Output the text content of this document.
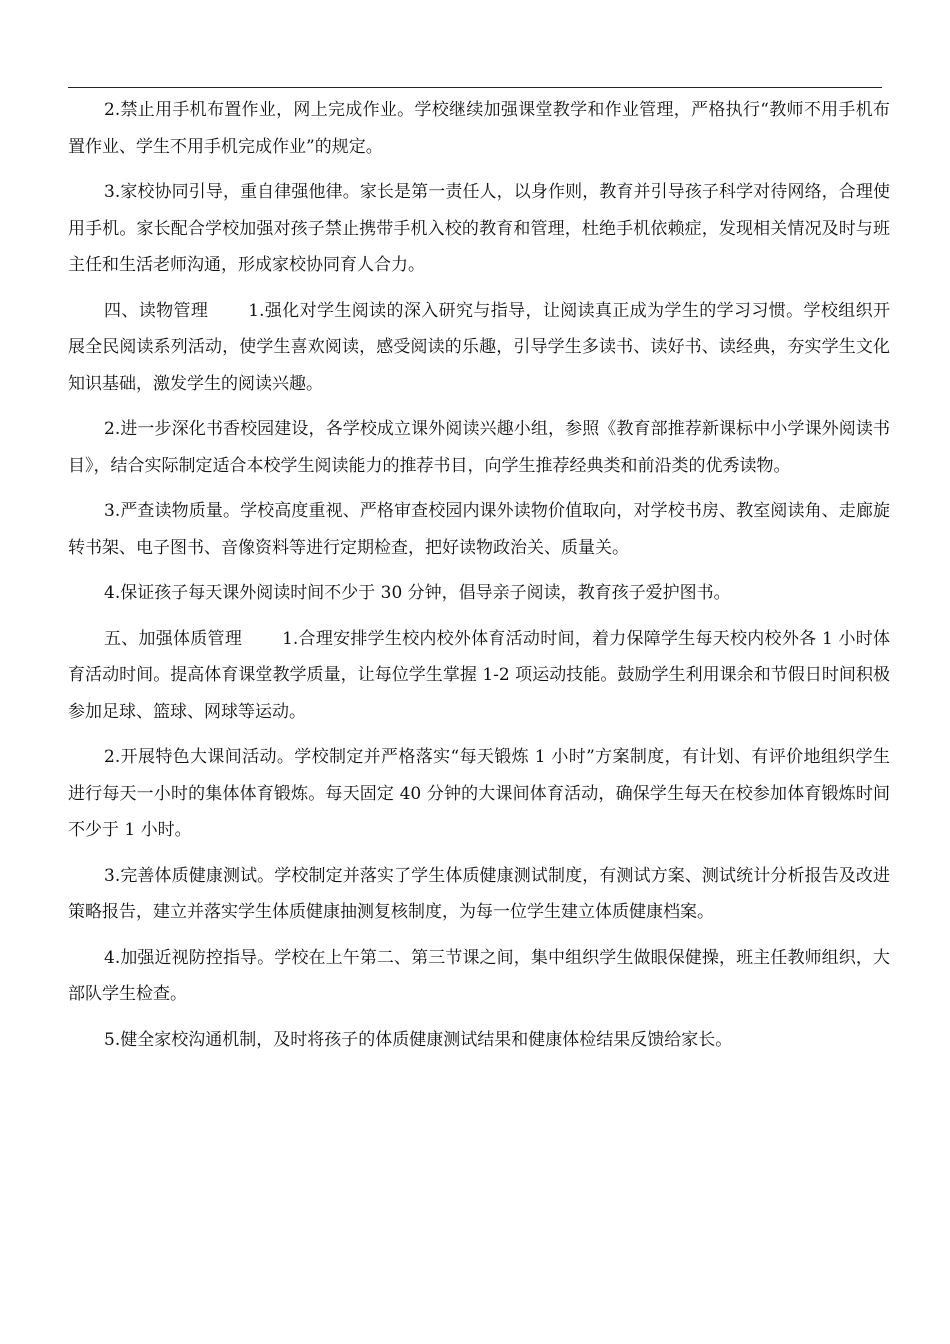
2.禁止用手机布置作业，网上完成作业。学校继续加强课堂教学和作业管理，严格执行“教师不用手机布置作业、学生不用手机完成作业”的规定。

3.家校协同引导，重自律强他律。家长是第一责任人，以身作则，教育并引导孩子科学对待网络，合理使用手机。家长配合学校加强对孩子禁止携带手机入校的教育和管理，杜绝手机依赖症，发现相关情况及时与班主任和生活老师沟通，形成家校协同育人合力。

四、读物管理 1.强化对学生阅读的深入研究与指导，让阅读真正成为学生的学习习惯。学校组织开展全民阅读系列活动，使学生喜欢阅读，感受阅读的乐趣，引导学生多读书、读好书、读经典，夯实学生文化知识基础，激发学生的阅读兴趣。

2.进一步深化书香校园建设，各学校成立课外阅读兴趣小组，参照《教育部推荐新课标中小学课外阅读书目》，结合实际制定适合本校学生阅读能力的推荐书目，向学生推荐经典类和前沿类的优秀读物。

3.严查读物质量。学校高度重视、严格审查校园内课外读物价值取向，对学校书房、教室阅读角、走廊旋转书架、电子图书、音像资料等进行定期检查，把好读物政治关、质量关。

4.保证孩子每天课外阅读时间不少于 30 分钟，倡导亲子阅读，教育孩子爱护图书。

五、加强体质管理 1.合理安排学生校内校外体育活动时间，着力保障学生每天校内校外各 1 小时体育活动时间。提高体育课堂教学质量，让每位学生掌握 1-2 项运动技能。鼓励学生利用课余和节假日时间积极参加足球、篮球、网球等运动。

2.开展特色大课间活动。学校制定并严格落实“每天锻炼 1 小时”方案制度，有计划、有评价地组织学生进行每天一小时的集体体育锻炼。每天固定 40 分钟的大课间体育活动，确保学生每天在校参加体育锻炼时间不少于 1 小时。

3.完善体质健康测试。学校制定并落实了学生体质健康测试制度，有测试方案、测试统计分析报告及改进策略报告，建立并落实学生体质健康抽测复核制度，为每一位学生建立体质健康档案。

4.加强近视防控指导。学校在上午第二、第三节课之间，集中组织学生做眼保健操，班主任教师组织，大部队学生检查。

5.健全家校沟通机制，及时将孩子的体质健康测试结果和健康体检结果反馈给家长。
